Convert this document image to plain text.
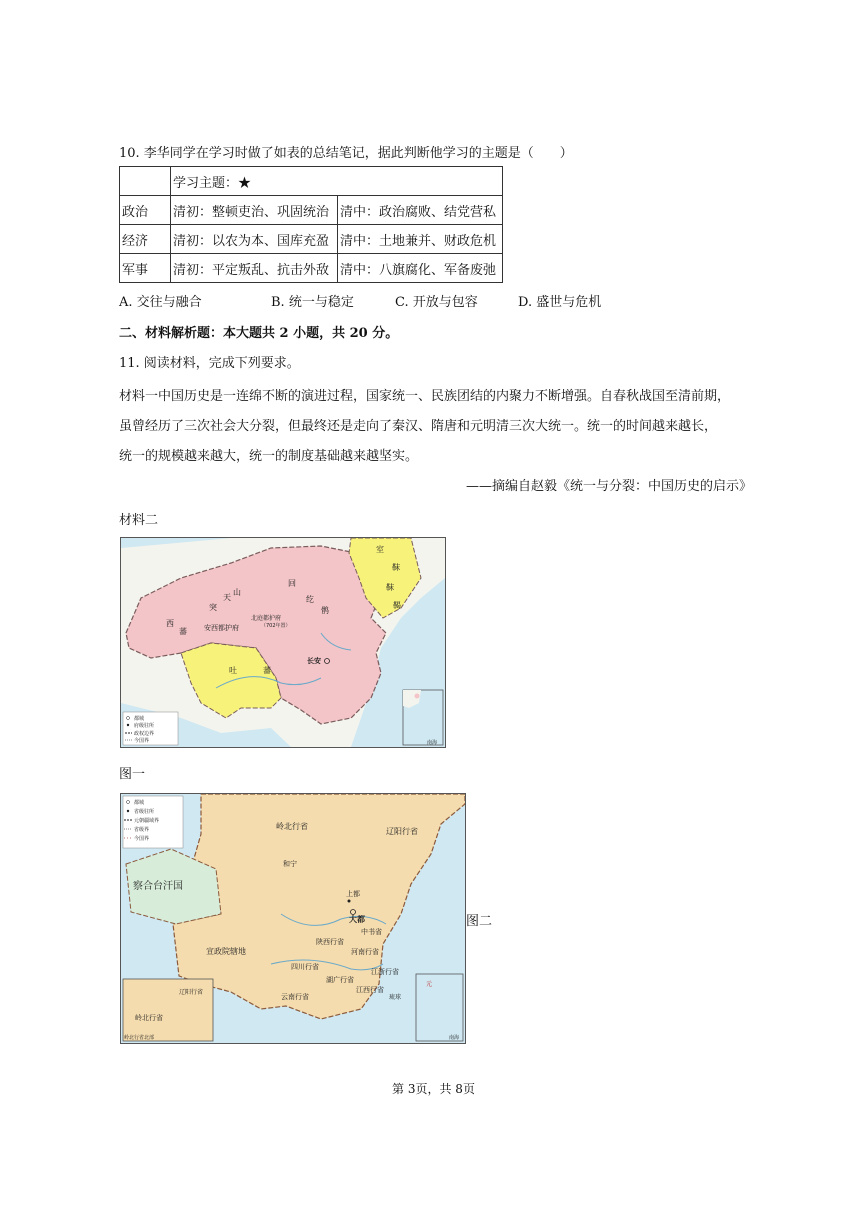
10. 李华同学在学习时做了如表的总结笔记，据此判断他学习的主题是（　　）
	学习主题：★	
政治	清初：整顿吏治、巩固统治	清中：政治腐败、结党营私
经济	清初：以农为本、国库充盈	清中：土地兼并、财政危机
军事	清初：平定叛乱、抗击外敌	清中：八旗腐化、军备废弛
A. 交往与融合	B. 统一与稳定	C. 开放与包容	D. 盛世与危机
二、材料解析题：本大题共 2 小题，共 20 分。
11. 阅读材料，完成下列要求。

材料一中国历史是一连绵不断的演进过程，国家统一、民族团结的内聚力不断增强。自春秋战国至清前期，

虽曾经历了三次社会大分裂，但最终还是走向了秦汉、隋唐和元明清三次大统一。统一的时间越来越长，

统一的规模越来越大，统一的制度基础越来越坚实。

——摘编自赵毅《统一与分裂：中国历史的启示》
材料二
室
靺
靺
鞨
回
纥
鹘
突
天
山
西
蕃 安西都护府
北庭都护府
（702年置）
吐	蕃
长安
都城
府级驻所
政权边界
今国界	南海
图一
岭北行省
辽阳行省
和宁
察合台汗国
上都
大都
中书省
陕西行省
河南行省
宣政院辖地
四川行省
湖广行省
江浙行省
江西行省
云南行省	琉球
岭北行省
辽阳行省
元
都城
省级驻所
元朝疆域界
省级界
今国界
岭北行省北部	南海
图二
第 3页，共 8页
